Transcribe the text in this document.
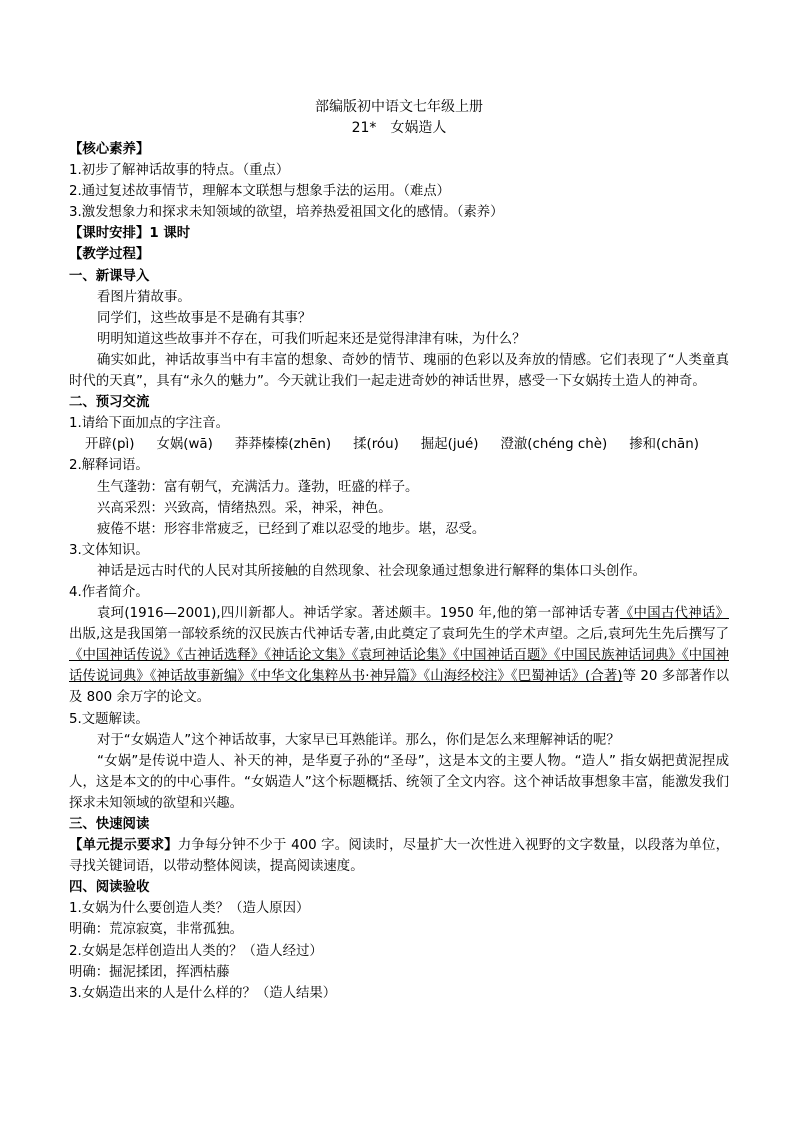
部编版初中语文七年级上册
21*　女娲造人
【核心素养】
1.初步了解神话故事的特点。（重点）
2.通过复述故事情节，理解本文联想与想象手法的运用。（难点）
3.激发想象力和探求未知领域的欲望，培养热爱祖国文化的感情。（素养）
【课时安排】1 课时
【教学过程】
一、新课导入
看图片猜故事。
同学们，这些故事是不是确有其事？
明明知道这些故事并不存在，可我们听起来还是觉得津津有味，为什么？
确实如此，神话故事当中有丰富的想象、奇妙的情节、瑰丽的色彩以及奔放的情感。它们表现了“人类童真时代的天真”，具有“永久的魅力”。今天就让我们一起走进奇妙的神话世界，感受一下女娲抟土造人的神奇。
二、预习交流
1.请给下面加点的字注音。
开辟(pì) 女娲(wā) 莽莽榛榛(zhēn) 揉(róu) 掘起(jué) 澄澈(chéng chè) 掺和(chān)
2.解释词语。
生气蓬勃：富有朝气，充满活力。蓬勃，旺盛的样子。
兴高采烈：兴致高，情绪热烈。采，神采，神色。
疲倦不堪：形容非常疲乏，已经到了难以忍受的地步。堪，忍受。
3.文体知识。
神话是远古时代的人民对其所接触的自然现象、社会现象通过想象进行解释的集体口头创作。
4.作者简介。
袁珂(1916—2001),四川新都人。神话学家。著述颇丰。1950 年,他的第一部神话专著《中国古代神话》出版,这是我国第一部较系统的汉民族古代神话专著,由此奠定了袁珂先生的学术声望。之后,袁珂先生先后撰写了《中国神话传说》《古神话选释》《神话论文集》《袁珂神话论集》《中国神话百题》《中国民族神话词典》《中国神话传说词典》《神话故事新编》《中华文化集粹丛书·神异篇》《山海经校注》《巴蜀神话》(合著)等 20 多部著作以及 800 余万字的论文。
5.文题解读。
对于“女娲造人”这个神话故事，大家早已耳熟能详。那么，你们是怎么来理解神话的呢？
“女娲”是传说中造人、补天的神，是华夏子孙的“圣母”，这是本文的主要人物。“造人” 指女娲把黄泥捏成人，这是本文的的中心事件。“女娲造人”这个标题概括、统领了全文内容。这个神话故事想象丰富，能激发我们探求未知领域的欲望和兴趣。
三、快速阅读
【单元提示要求】力争每分钟不少于 400 字。阅读时，尽量扩大一次性进入视野的文字数量，以段落为单位，寻找关键词语，以带动整体阅读，提高阅读速度。
四、阅读验收
1.女娲为什么要创造人类？（造人原因）
明确：荒凉寂寞，非常孤独。
2.女娲是怎样创造出人类的？（造人经过）
明确：掘泥揉团，挥洒枯藤
3.女娲造出来的人是什么样的？（造人结果）
